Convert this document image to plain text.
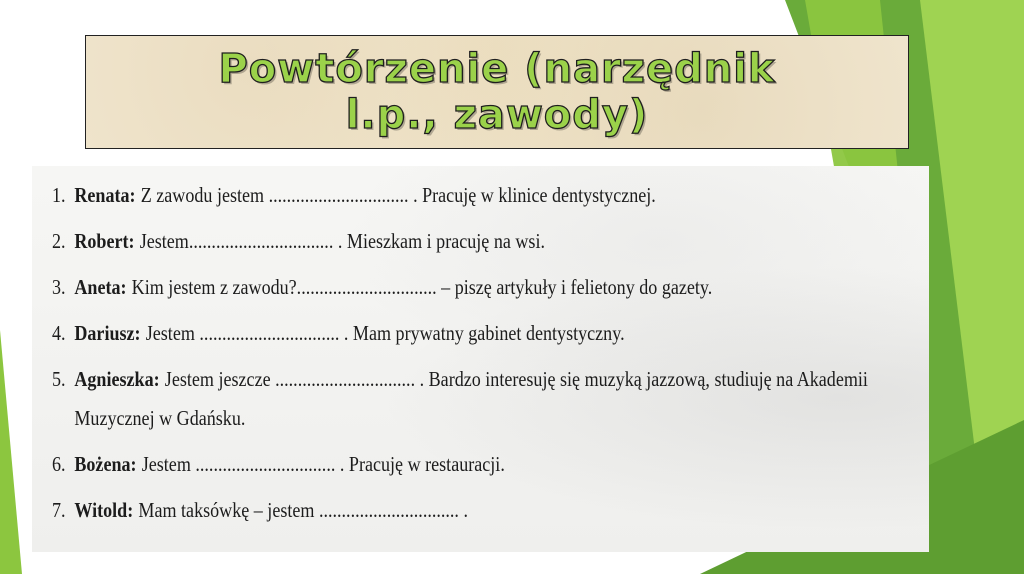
Powtórzenie (narzędnik l.p., zawody)
1. Renata: Z zawodu jestem ............................... . Pracuję w klinice dentystycznej.
2. Robert: Jestem................................ . Mieszkam i pracuję na wsi.
3. Aneta: Kim jestem z zawodu?............................... – piszę artykuły i felietony do gazety.
4. Dariusz: Jestem ............................... . Mam prywatny gabinet dentystyczny.
5. Agnieszka: Jestem jeszcze ............................... . Bardzo interesuję się muzyką jazzową, studiuję na Akademii
Muzycznej w Gdańsku.
6. Bożena: Jestem ............................... . Pracuję w restauracji.
7. Witold: Mam taksówkę – jestem ............................... .
